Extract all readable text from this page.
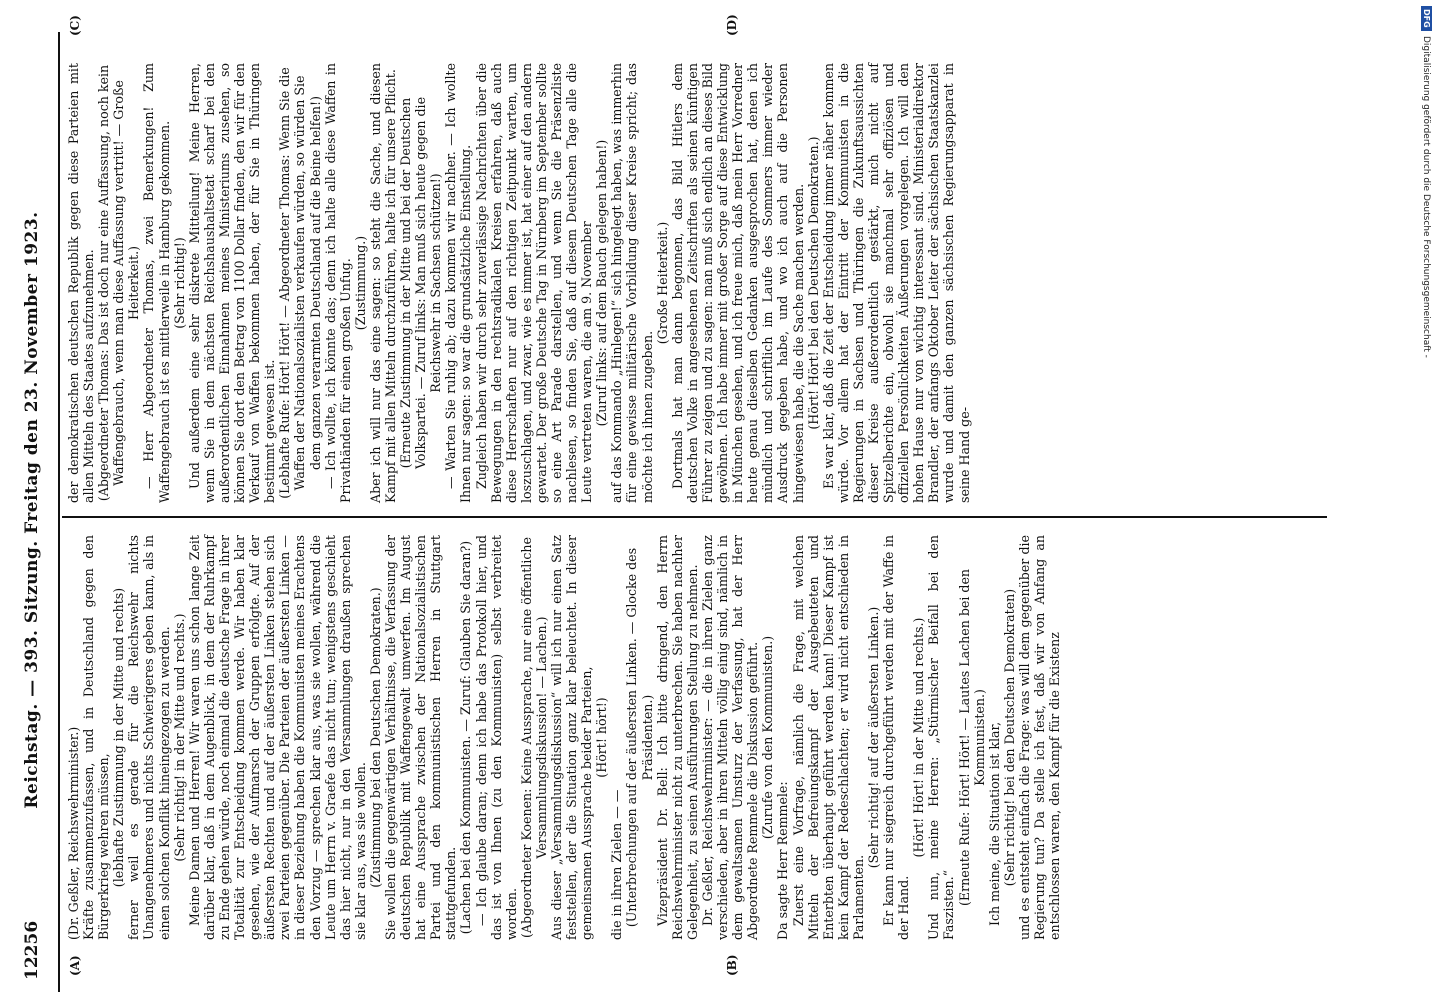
12256
Reichstag. — 393. Sitzung. Freitag den 23. November 1923.
(A)	(B)
(C)	(D)

(Dr. Geßler, Reichswehrminister.) Kräfte zusammenzufassen, und in Deutschland gegen den Bürgerkrieg wehren müssen, (lebhafte Zustimmung in der Mitte und rechts) ferner weil es gerade für die Reichswehr nichts Unangenehmeres und nichts Schwierigeres geben kann, als in einen solchen Konflikt hineingezogen zu werden. (Sehr richtig! in der Mitte und rechts.) Meine Damen und Herren! Wir waren uns schon lange Zeit darüber klar, daß in dem Augenblick, in dem der Ruhrkampf zu Ende gehen würde, noch einmal die deutsche Frage in ihrer Totalität zur Entscheidung kommen werde. Wir haben klar gesehen, wie der Aufmarsch der Gruppen erfolgte. Auf der äußersten Rechten und auf der äußersten Linken stehen sich zwei Parteien gegenüber. Die Parteien der äußersten Linken — in dieser Beziehung haben die Kommunisten meines Erachtens den Vorzug — sprechen klar aus, was sie wollen, während die Leute um Herrn v. Graefe das nicht tun; wenigstens geschieht das hier nicht, nur in den Versammlungen draußen sprechen sie klar aus, was sie wollen. (Zustimmung bei den Deutschen Demokraten.) Sie wollen die gegenwärtigen Verhältnisse, die Verfassung der deutschen Republik mit Waffengewalt umwerfen. Im August hat eine Aussprache zwischen der Nationalsozialistischen Partei und den kommunistischen Herren in Stuttgart stattgefunden. (Lachen bei den Kommunisten. — Zuruf: Glauben Sie daran?) — Ich glaube daran; denn ich habe das Protokoll hier, und das ist von Ihnen (zu den Kommunisten) selbst verbreitet worden. (Abgeordneter Koenen: Keine Aussprache, nur eine öffentliche Versammlungsdiskussion! — Lachen.) Aus dieser „Versammlungsdiskussion“ will ich nur einen Satz feststellen, der die Situation ganz klar beleuchtet. In dieser gemeinsamen Aussprache beider Parteien, (Hört! hört!)

die in ihren Zielen — — (Unterbrechungen auf der äußersten Linken. — Glocke des Präsidenten.) Vizepräsident Dr. Bell: Ich bitte dringend, den Herrn Reichswehrminister nicht zu unterbrechen. Sie haben nachher Gelegenheit, zu seinen Ausführungen Stellung zu nehmen. Dr. Geßler, Reichswehrminister: — die in ihren Zielen ganz verschieden, aber in ihren Mitteln völlig einig sind, nämlich in dem gewaltsamen Umsturz der Verfassung, hat der Herr Abgeordnete Remmele die Diskussion geführt. (Zurufe von den Kommunisten.)

Da sagte Herr Remmele: Zuerst eine Vorfrage, nämlich die Frage, mit welchen Mitteln der Befreiungskampf der Ausgebeuteten und Enterbten überhaupt geführt werden kann! Dieser Kampf ist kein Kampf der Redeschlachten; er wird nicht entschieden in Parlamenten.

(Sehr richtig! auf der äußersten Linken.) Er kann nur siegreich durchgeführt werden mit der Waffe in der Hand.

(Hört! Hört! in der Mitte und rechts.) Und nun, meine Herren: „Stürmischer Beifall bei den Faszisten.“ (Erneute Rufe: Hört! Hört! — Lautes Lachen bei den Kommunisten.) Ich meine, die Situation ist klar, (Sehr richtig! bei den Deutschen Demokraten) und es entsteht einfach die Frage: was will dem gegenüber die Regierung tun? Da stelle ich fest, daß wir von Anfang an entschlossen waren, den Kampf für die Existenz

der demokratischen deutschen Republik gegen diese Parteien mit allen Mitteln des Staates aufzunehmen. (Abgeordneter Thomas: Das ist doch nur eine Auffassung, noch kein Waffengebrauch, wenn man diese Auffassung vertritt! — Große Heiterkeit.) — Herr Abgeordneter Thomas, zwei Bemerkungen! Zum Waffengebrauch ist es mittlerweile in Hamburg gekommen. (Sehr richtig!) Und außerdem eine sehr diskrete Mitteilung! Meine Herren, wenn Sie in dem nächsten Reichshaushaltsetat scharf bei den außerordentlichen Einnahmen meines Ministeriums zusehen, so können Sie dort den Betrag von 1100 Dollar finden, den wir für den Verkauf von Waffen bekommen haben, der für Sie in Thüringen bestimmt gewesen ist. (Lebhafte Rufe: Hört! Hört! — Abgeordneter Thomas: Wenn Sie die Waffen der Nationalsozialisten verkaufen würden, so würden Sie dem ganzen verarmten Deutschland auf die Beine helfen!) — Ich wollte, ich könnte das; denn ich halte alle diese Waffen in Privathänden für einen großen Unfug. (Zustimmung.) Aber ich will nur das eine sagen: so steht die Sache, und diesen Kampf mit allen Mitteln durchzuführen, halte ich für unsere Pflicht. (Erneute Zustimmung in der Mitte und bei der Deutschen Volkspartei. — Zuruf links: Man muß sich heute gegen die Reichswehr in Sachsen schützen!) — Warten Sie ruhig ab; dazu kommen wir nachher. — Ich wollte Ihnen nur sagen: so war die grundsätzliche Einstellung. Zugleich haben wir durch sehr zuverlässige Nachrichten über die Bewegungen in den rechtsradikalen Kreisen erfahren, daß auch diese Herrschaften nur auf den richtigen Zeitpunkt warten, um loszuschlagen, und zwar, wie es immer ist, hat einer auf den andern gewartet. Der große Deutsche Tag in Nürnberg im September sollte so eine Art Parade darstellen, und wenn Sie die Präsenzliste nachlesen, so finden Sie, daß auf diesem Deutschen Tage alle die Leute vertreten waren, die am 9. November (Zuruf links: auf dem Bauch gelegen haben!) auf das Kommando „Hinlegen!“ sich hingelegt haben, was immerhin für eine gewisse militärische Vorbildung dieser Kreise spricht; das möchte ich ihnen zugeben.

(Große Heiterkeit.) Dortmals hat man dann begonnen, das Bild Hitlers dem deutschen Volke in angesehenen Zeitschriften als seinen künftigen Führer zu zeigen und zu sagen: man muß sich endlich an dieses Bild gewöhnen. Ich habe immer mit großer Sorge auf diese Entwicklung in München gesehen, und ich freue mich, daß mein Herr Vorredner heute genau dieselben Gedanken ausgesprochen hat, denen ich mündlich und schriftlich im Laufe des Sommers immer wieder Ausdruck gegeben habe, und wo ich auch auf die Personen hingewiesen habe, die die Sache machen werden. (Hört! Hört! bei den Deutschen Demokraten.) Es war klar, daß die Zeit der Entscheidung immer näher kommen würde. Vor allem hat der Eintritt der Kommunisten in die Regierungen in Sachsen und Thüringen die Zukunftsaussichten dieser Kreise außerordentlich gestärkt, mich nicht auf Spitzelberichte ein, obwohl sie manchmal sehr offiziösen und offiziellen Persönlichkeiten Äußerungen vorgelegen. Ich will den hohen Hause nur von wichtig interessant sind. Ministerialdirektor Brandler, der anfangs Oktober Leiter der sächsischen Staatskanzlei wurde und damit den ganzen sächsischen Regierungsapparat in seine Hand ge-

DFG
Digitalisierung gefördert durch die Deutsche Forschungsgemeinschaft -
